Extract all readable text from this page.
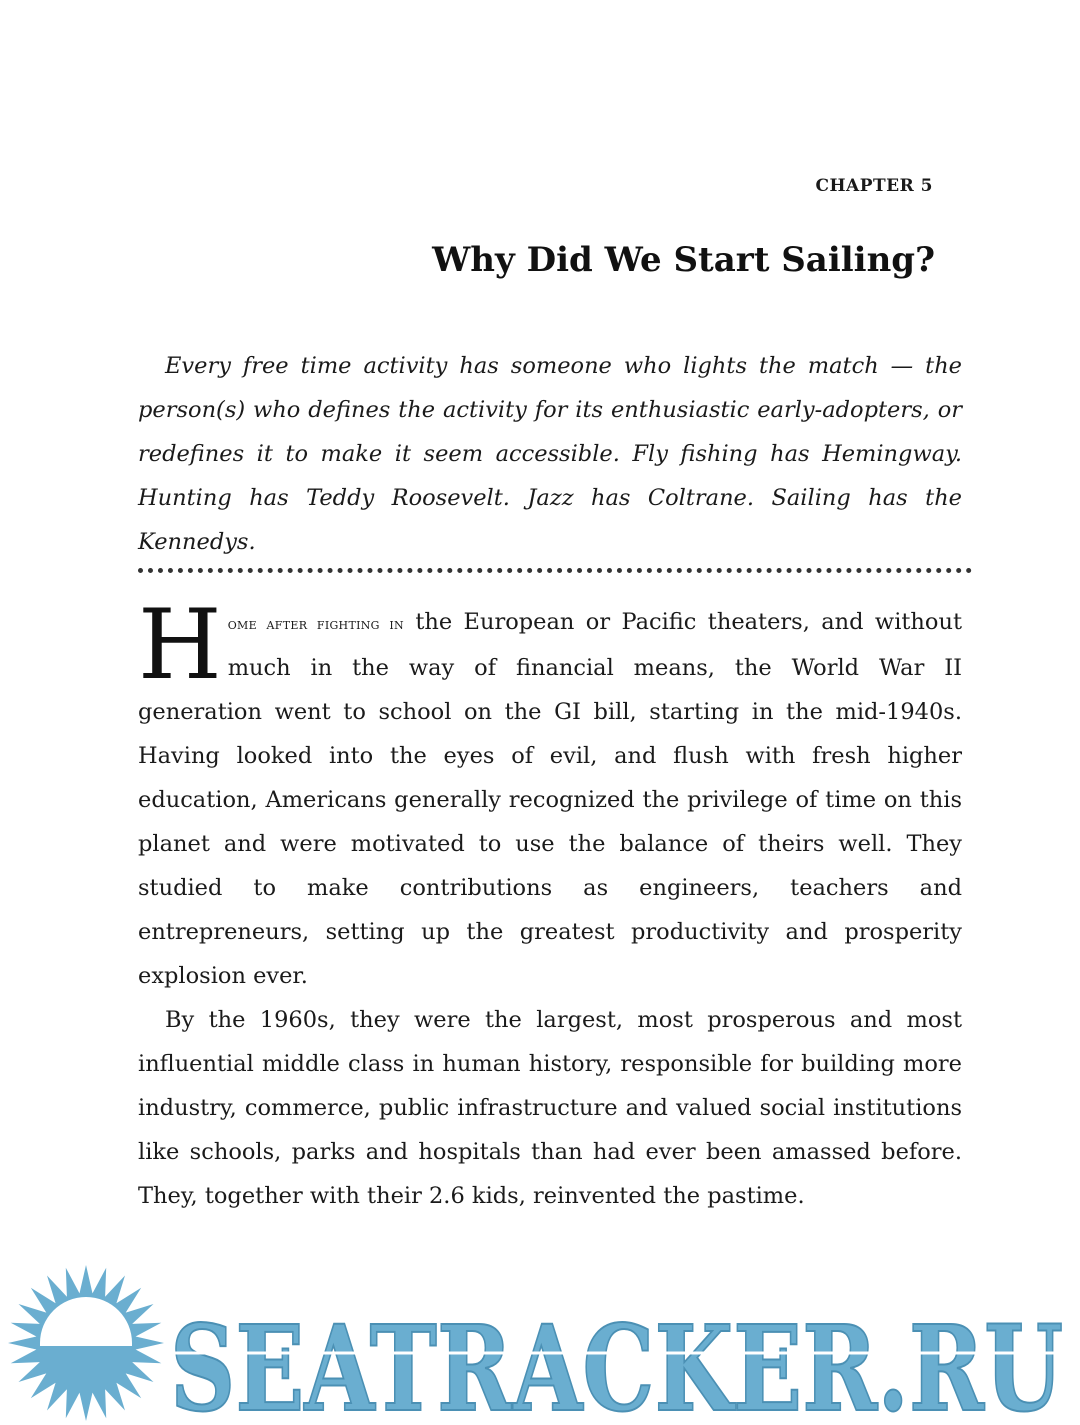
CHAPTER 5
Why Did We Start Sailing?

Every free time activity has someone who lights the match — the person(s) who defines the activity for its enthusiastic early-adopters, or redefines it to make it seem accessible. Fly fishing has Hemingway. Hunting has Teddy Roosevelt. Jazz has Coltrane. Sailing has the Kennedys.

Home after fighting in the European or Pacific theaters, and without much in the way of financial means, the World War II generation went to school on the GI bill, starting in the mid-1940s. Having looked into the eyes of evil, and flush with fresh higher education, Americans generally recognized the privilege of time on this planet and were motivated to use the balance of theirs well. They studied to make contributions as engineers, teachers and entrepreneurs, setting up the greatest productivity and prosperity explosion ever.

By the 1960s, they were the largest, most prosperous and most influential middle class in human history, responsible for building more industry, commerce, public infrastructure and valued social institutions like schools, parks and hospitals than had ever been amassed before. They, together with their 2.6 kids, reinvented the pastime.

SEATRACKER.RU
